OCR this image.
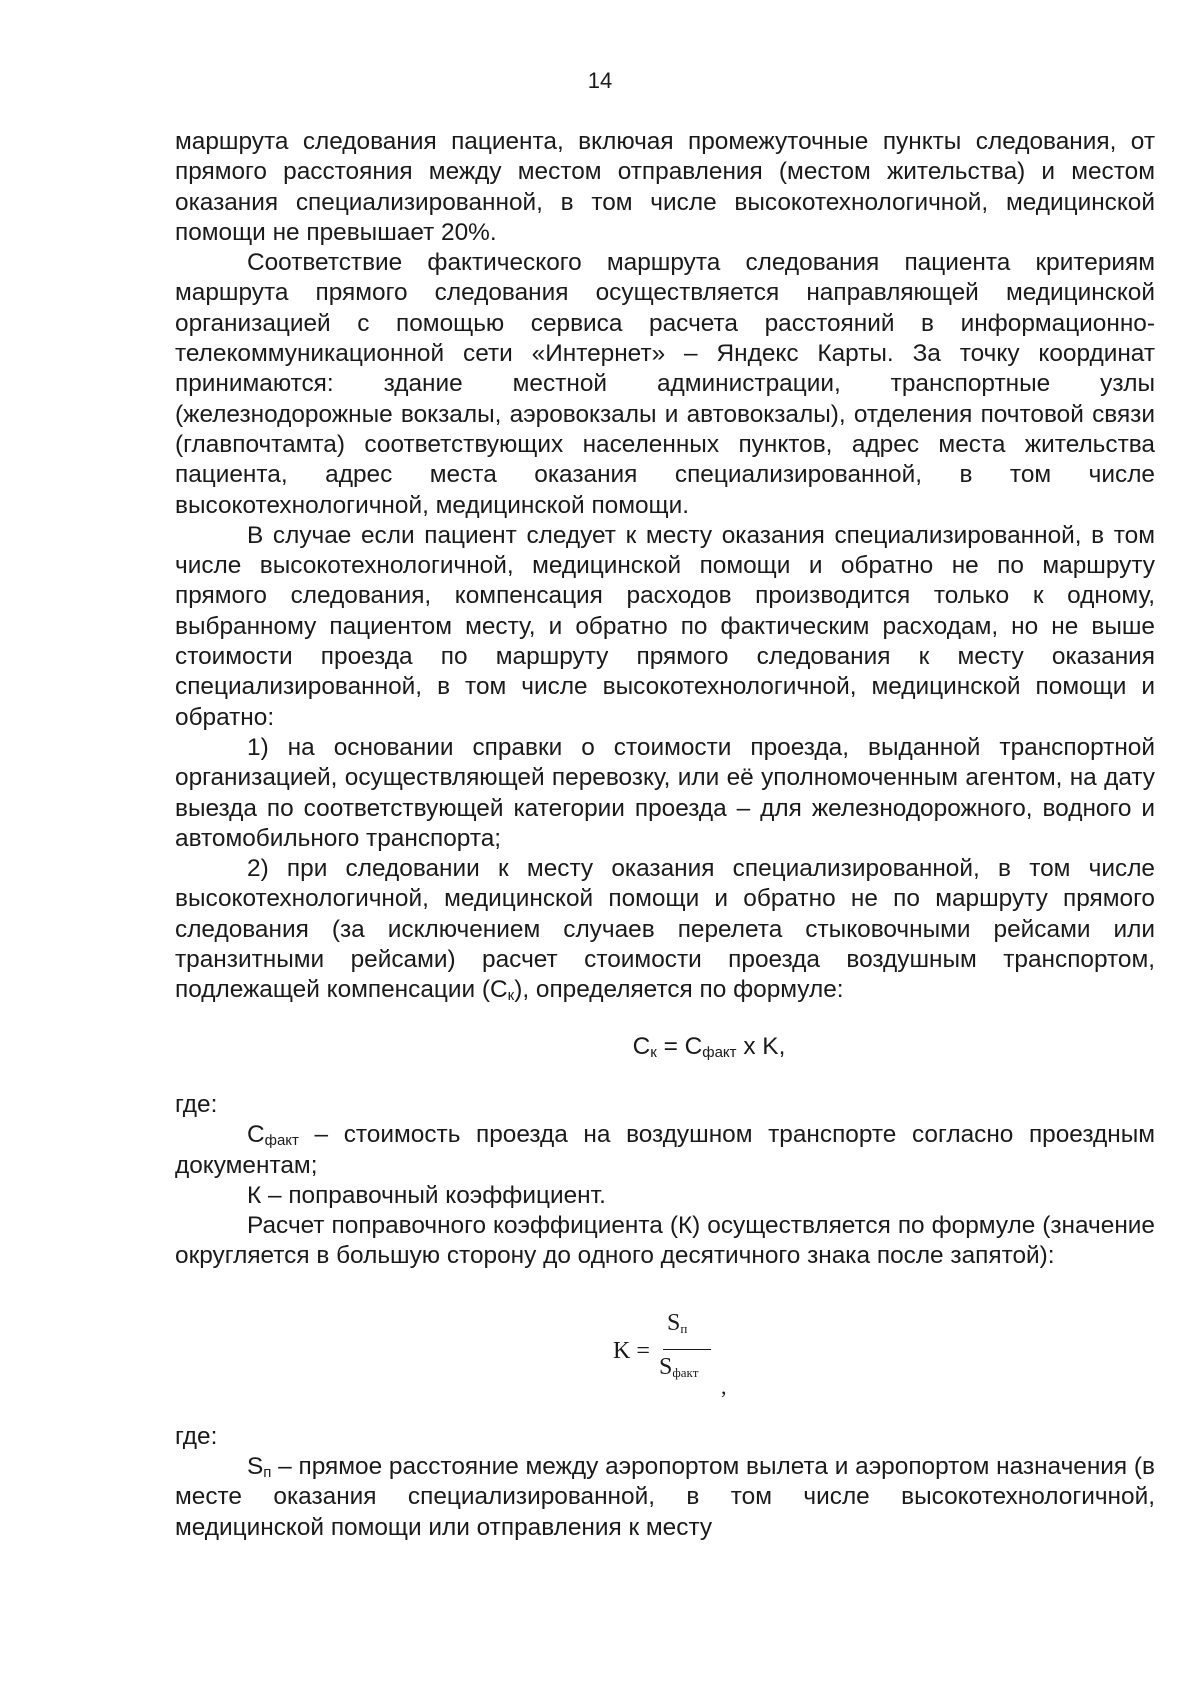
14

маршрута следования пациента, включая промежуточные пункты следования, от прямого расстояния между местом отправления (местом жительства) и местом оказания специализированной, в том числе высокотехнологичной, медицинской помощи не превышает 20%.

Соответствие фактического маршрута следования пациента критериям маршрута прямого следования осуществляется направляющей медицинской организацией с помощью сервиса расчета расстояний в информационно-телекоммуникационной сети «Интернет» – Яндекс Карты. За точку координат принимаются: здание местной администрации, транспортные узлы (железнодорожные вокзалы, аэровокзалы и автовокзалы), отделения почтовой связи (главпочтамта) соответствующих населенных пунктов, адрес места жительства пациента, адрес места оказания специализированной, в том числе высокотехнологичной, медицинской помощи.

В случае если пациент следует к месту оказания специализированной, в том числе высокотехнологичной, медицинской помощи и обратно не по маршруту прямого следования, компенсация расходов производится только к одному, выбранному пациентом месту, и обратно по фактическим расходам, но не выше стоимости проезда по маршруту прямого следования к месту оказания специализированной, в том числе высокотехнологичной, медицинской помощи и обратно:

1) на основании справки о стоимости проезда, выданной транспортной организацией, осуществляющей перевозку, или её уполномоченным агентом, на дату выезда по соответствующей категории проезда – для железнодорожного, водного и автомобильного транспорта;

2) при следовании к месту оказания специализированной, в том числе высокотехнологичной, медицинской помощи и обратно не по маршруту прямого следования (за исключением случаев перелета стыковочными рейсами или транзитными рейсами) расчет стоимости проезда воздушным транспортом, подлежащей компенсации $(C_к)$, определяется по формуле:

$C_к = C_{факт}$ x K,

где:

$С_{факт}$ – стоимость проезда на воздушном транспорте согласно проездным документам;

К – поправочный коэффициент.

Расчет поправочного коэффициента (К) осуществляется по формуле (значение округляется в большую сторону до одного десятичного знака после запятой):

K =
$S_п$
$S_{факт}$
,

где:

$S_п$ – прямое расстояние между аэропортом вылета и аэропортом назначения (в месте оказания специализированной, в том числе высокотехнологичной, медицинской помощи или отправления к месту
